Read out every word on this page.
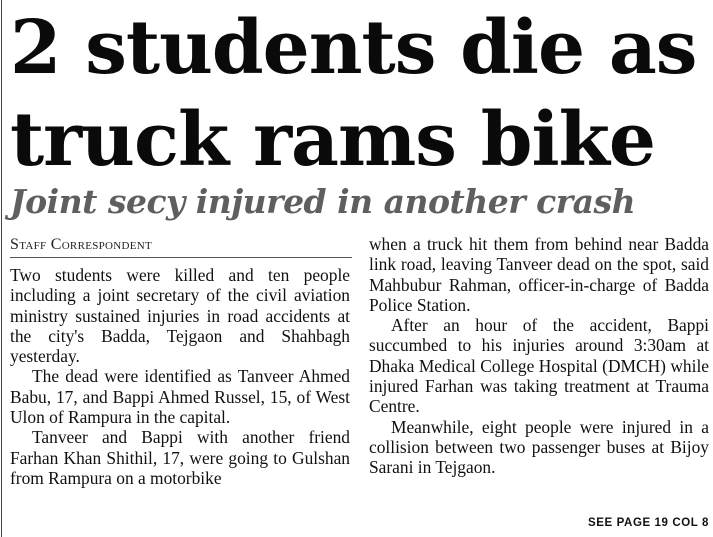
2 students die as
truck rams bike
Joint secy injured in another crash
Staff Correspondent

Two students were killed and ten people including a joint secretary of the civil aviation ministry sustained injuries in road accidents at the city's Badda, Tejgaon and Shahbagh yesterday.

The dead were identified as Tanveer Ahmed Babu, 17, and Bappi Ahmed Russel, 15, of West Ulon of Rampura in the capital.

Tanveer and Bappi with another friend Farhan Khan Shithil, 17, were going to Gulshan from Rampura on a motorbike

when a truck hit them from behind near Badda link road, leaving Tanveer dead on the spot, said Mahbubur Rahman, officer-in-charge of Badda Police Station.

After an hour of the accident, Bappi succumbed to his injuries around 3:30am at Dhaka Medical College Hospital (DMCH) while injured Farhan was taking treatment at Trauma Centre.

Meanwhile, eight people were injured in a collision between two passenger buses at Bijoy Sarani in Tejgaon.

SEE PAGE 19 COL 8
